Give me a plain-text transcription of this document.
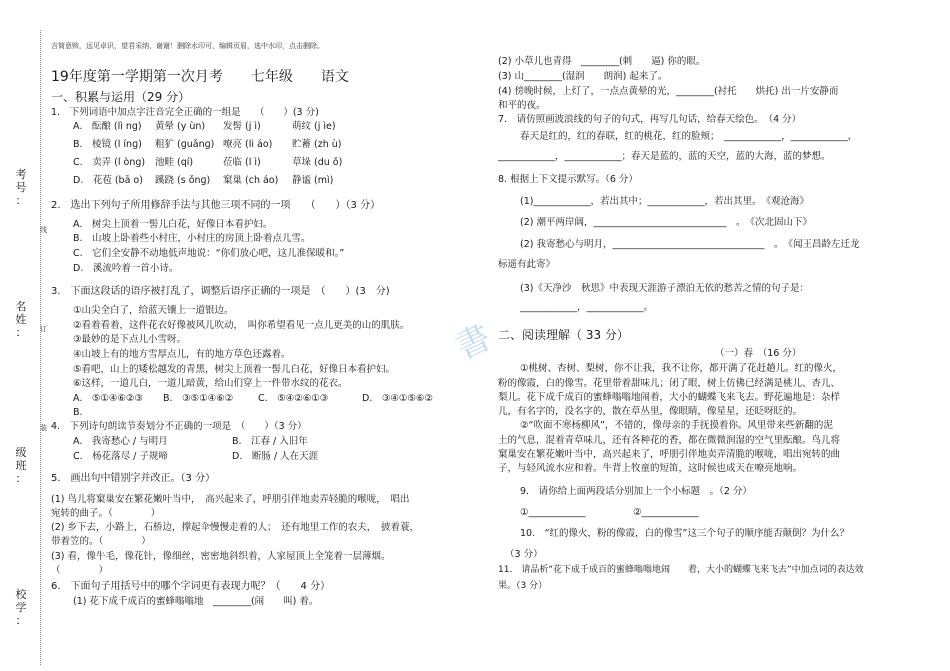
考
号
：
名
姓
：
级
班
：
校
学
：
线
订
装
言简意赅，远见卓识，望君采纳，谢谢！删除水印可，编辑页眉，选中水印，点击删除。
19年度第一学期第一次月考　　七年级　　语文
一、积累与运用（29 分）
1.　下列词语中加点字注音完全正确的一组是　　（　　）(3 分)
A.　酝酿 (lì ng) 黄晕 (y ùn) 发髻 (j ì)	萌纹 (j ìe)
B.　棱镜 (l ínɡ) 粗犷 (ɡuǎnɡ) 嘹亮 (li áo) 贮蓄 (zh ù)
C.　卖弄 (l òng) 池畦 (qí)	莅临 (l ì)	草垛 (du ǒ)
D.　花苞 (bā o) 蹊跷 (s ǒnɡ) 窠巢 (ch áo) 静谧 (mì)
2.　选出下列句子所用修辞手法与其他三项不同的一项　　（　　）（3 分）
A.　树尖上顶着一髻儿白花，好像日本看护妇。
B.　山坡上卧着些小村庄，小村庄的房顶上卧着点儿雪。
C.　它们全安静不动地低声地说：“你们放心吧，这儿准保暖和。”
D.　溪流吟着一首小诗。
3.　下面这段话的语序被打乱了，调整后语序正确的一项是　（　　）(3　分)
①山尖全白了，给蓝天镶上一道银边。
②看着看着，这件花衣好像被风儿吹动，　叫你希望看见一点儿更美的山的肌肤。
③最妙的是下点儿小雪呀。
④山坡上有的地方雪厚点儿，有的地方草色还露着。
⑤看吧，山上的矮松越发的青黑，树尖上顶着一髻儿白花，好像日本看护妇。
⑥这样，一道儿白，一道儿暗黄，给山们穿上一件带水纹的花衣。
A.　⑤①④⑥②③ B.　③⑤①④⑥②	C.　⑤④②⑥①③	D.　③④①⑤⑥②
B.
4.　下列诗句朗读节奏划分不正确的一项是　（　　）（3 分）
A.　我寄愁心 / 与明月	B.　江春 / 入旧年
C.　杨花落尽 / 子规啼	D.　断肠 / 人在天涯
5.　画出句中错别字并改正。（3 分）
(1) 鸟儿将窠巢安在繁花嫩叶当中，　高兴起来了，呼朋引伴地卖弄轻脆的喉咙，　唱出
宛转的曲子。（　　　　）
(2) 乡下去，小路上，石桥边，撑起伞慢慢走着的人；　还有地里工作的农夫，　披着蓑，
带着笠的。（　　　　）
(3) 看，像牛毛，像花针，像细丝，密密地斜织着，人家屋顶上全笼着一层薄烟。
（　　　　）
6.　下面句子用括号中的哪个字词更有表现力呢？（　　4 分）
(1) 花下成千成百的蜜蜂嗡嗡地　________(闹　　叫) 着。
(2) 小草儿也青得　________(刺　　逼) 你的眼。
(3) 山________(湿润　　朗润) 起来了。
(4) 傍晚时候，上灯了，一点点黄晕的光，________(衬托　　烘托) 出一片安静而
和平的夜。
7.　请仿照画波浪线的句子的句式，再写几句话，给春天绘色。　（4 分）
春天是红的，红的春联，红的桃花，红的脸颊；　____________，____________，
____________，____________；春天是蓝的，蓝的天空，蓝的大海，蓝的梦想。
8. 根据上下文提示默写。（6 分）
(1)____________，若出其中；____________，若出其里。　《观沧海》
(2) 潮平两岸阔，____________________________　。　《次北固山下》
(2) 我寄愁心与明月，________________________________　。　《闻王昌龄左迁龙
标遥有此寄》
(3)《天净沙　秋思》中表现天涯游子漂泊无依的愁苦之情的句子是：
____________，____________。
二、阅读理解（ 33 分）
（一）春　（16 分）
①桃树、杏树、梨树，你不让我，我不让你，都开满了花赶趟儿。红的像火，
粉的像霞，白的像雪。花里带着甜味儿；闭了眼，树上仿佛已经满是桃儿、杏儿、
梨儿。花下成千成百的蜜蜂嗡嗡地闹着，大小的蝴蝶飞来飞去。野花遍地是：杂样
儿，有名字的，没名字的，散在草丛里，像眼睛，像星星，还眨呀眨的。
②“吹面不寒杨柳风”，不错的，像母亲的手抚摸着你。风里带来些新翻的泥
土的气息，混着青草味儿，还有各种花的香，都在微微润湿的空气里酝酿。鸟儿将
窠巢安在繁花嫩叶当中，高兴起来了，呼朋引伴地卖弄清脆的喉咙，唱出宛转的曲
子，与轻风流水应和着。牛背上牧童的短笛，这时候也成天在嘹亮地响。
9.　请你给上面两段话分别加上一个小标题　。（2 分）
①____________　　　　　②____________
10.　“红的像火，粉的像霞，白的像雪”这三个句子的顺序能否颠倒？为什么？
（3 分）
11.　请品析“花下成千成百的蜜蜂嗡嗡地闹　　着，大小的蝴蝶飞来飞去”中加点词的表达效
果。（3 分）
書
